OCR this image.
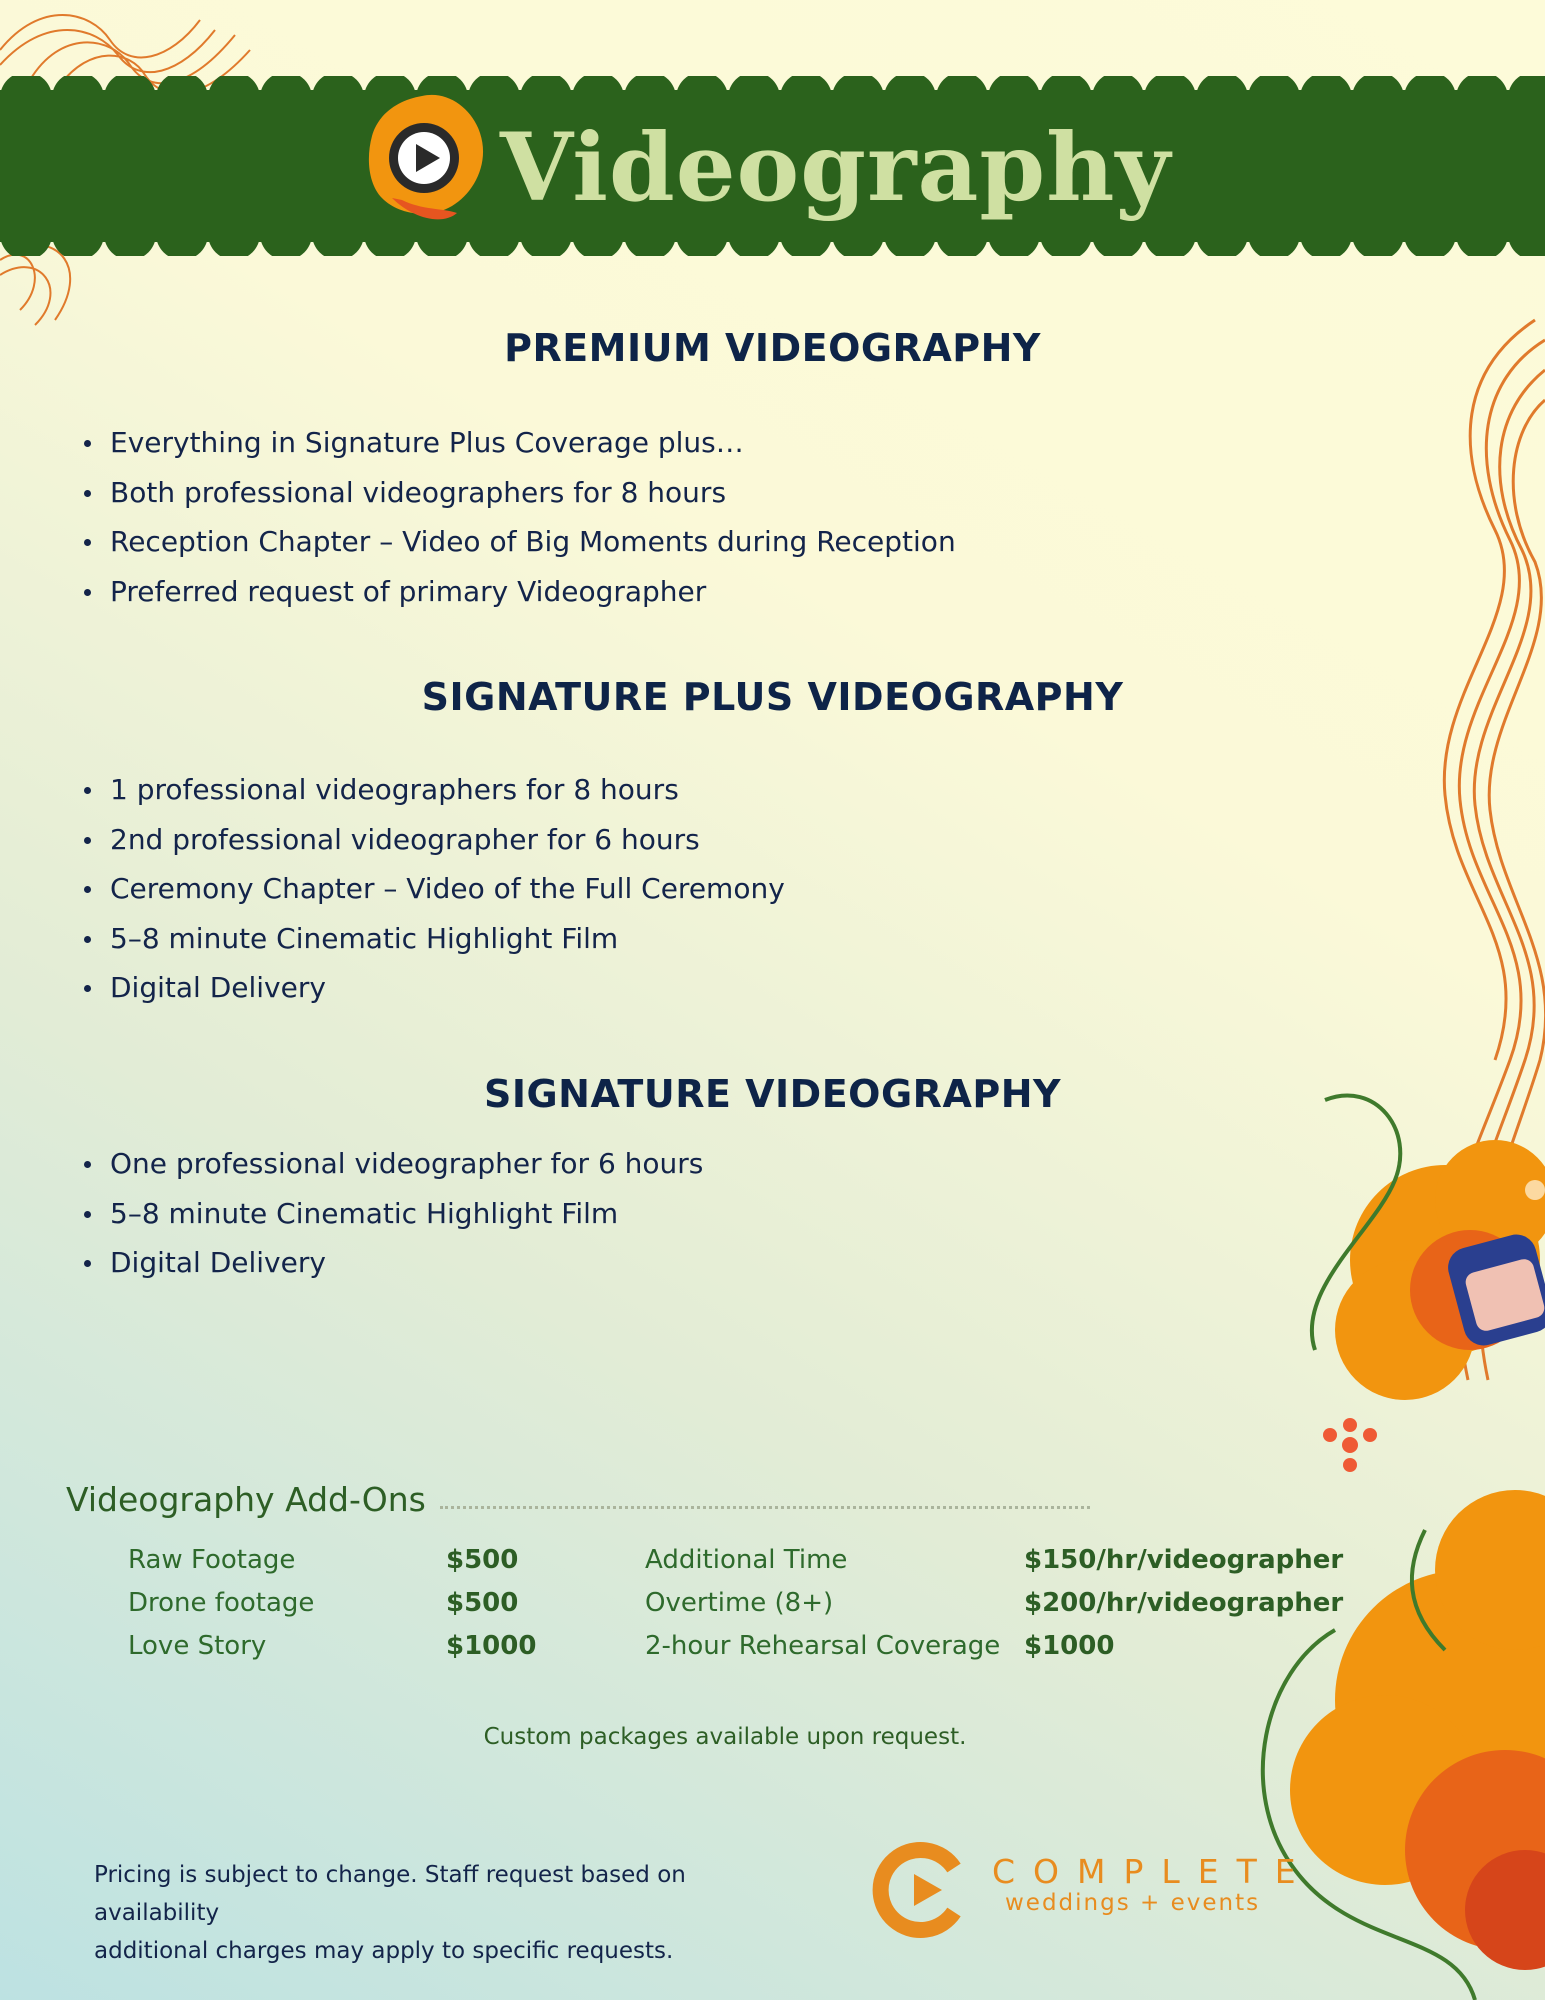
Videography
PREMIUM VIDEOGRAPHY
Everything in Signature Plus Coverage plus…
Both professional videographers for 8 hours
Reception Chapter – Video of Big Moments during Reception
Preferred request of primary Videographer
SIGNATURE PLUS VIDEOGRAPHY
1 professional videographers for 8 hours
2nd professional videographer for 6 hours
Ceremony Chapter – Video of the Full Ceremony
5–8 minute Cinematic Highlight Film
Digital Delivery
SIGNATURE VIDEOGRAPHY
One professional videographer for 6 hours
5–8 minute Cinematic Highlight Film
Digital Delivery
Videography Add-Ons
Raw Footage	$500
Drone footage	$500
Love Story	$1000
Additional Time	$150/hr/videographer
Overtime (8+)	$200/hr/videographer
2-hour Rehearsal Coverage $1000
Custom packages available upon request.
Pricing is subject to change. Staff request based on availability
additional charges may apply to specific requests.
COMPLETE
weddings + events
